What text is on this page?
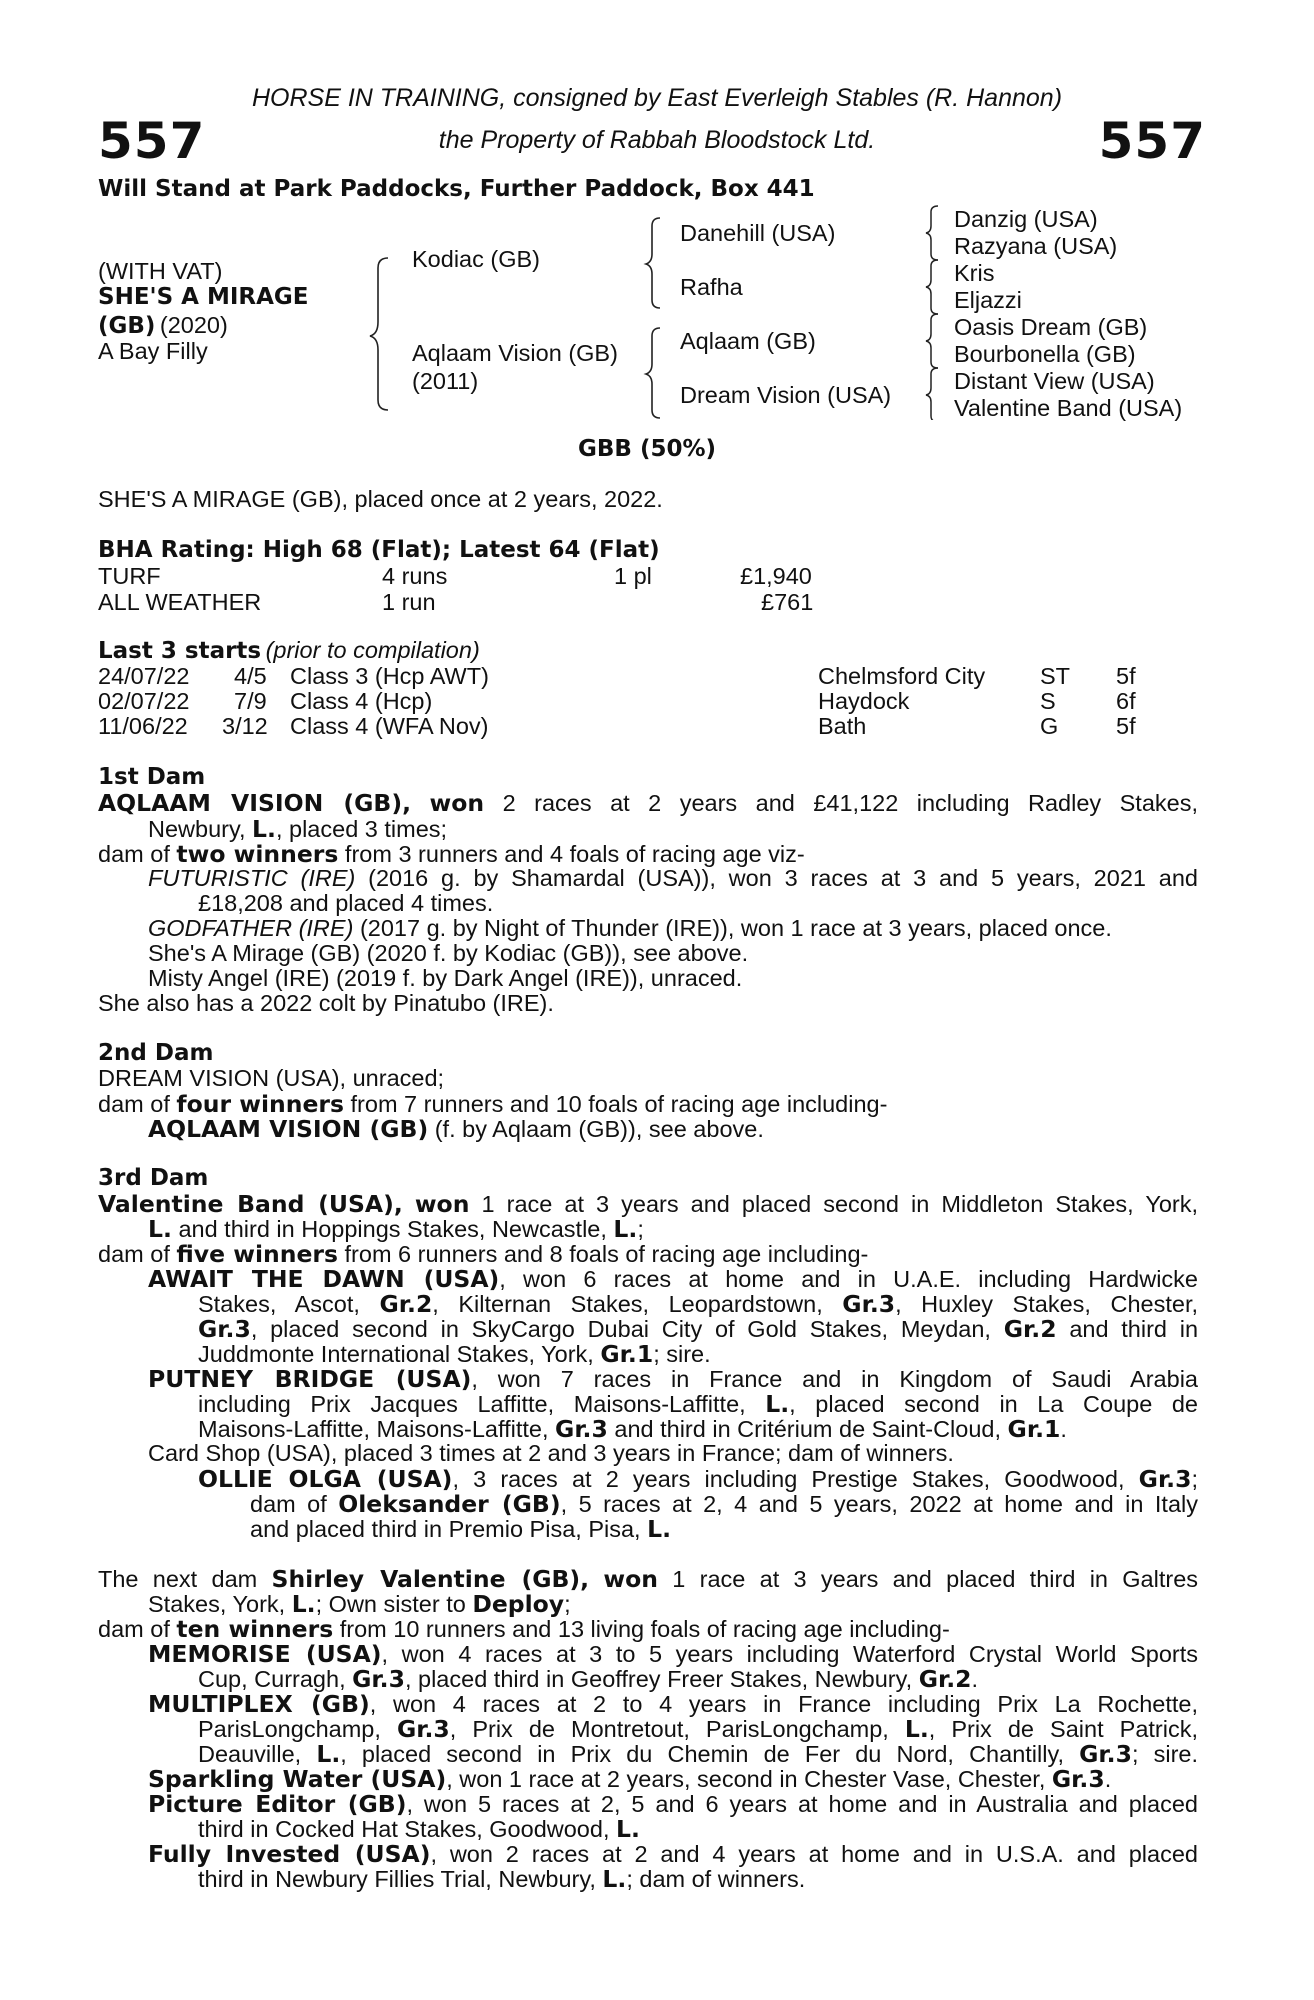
557	557
HORSE IN TRAINING, consigned by East Everleigh Stables (R. Hannon)
the Property of Rabbah Bloodstock Ltd.
Will Stand at Park Paddocks, Further Paddock, Box 441
(WITH VAT)
SHE'S A MIRAGE
(GB) (2020)
A Bay Filly
Kodiac (GB)
Aqlaam Vision (GB)
(2011)
Danehill (USA)
Rafha
Aqlaam (GB)
Dream Vision (USA)
Danzig (USA)
Razyana (USA)
Kris
Eljazzi
Oasis Dream (GB)
Bourbonella (GB)
Distant View (USA)
Valentine Band (USA)
GBB (50%)
SHE'S A MIRAGE (GB), placed once at 2 years, 2022.
BHA Rating: High 68 (Flat); Latest 64 (Flat)
TURF	4 runs	1 pl	£1,940
ALL WEATHER	1 run	£761
Last 3 starts (prior to compilation)
24/07/22 4/5 Class 3 (Hcp AWT)	Chelmsford City ST 5f
02/07/22 7/9 Class 4 (Hcp)	Haydock	S	6f
11/06/22 3/12 Class 4 (WFA Nov)	Bath	G 5f
1st Dam
AQLAAM VISION (GB), won 2 races at 2 years and £41,122 including Radley Stakes,
Newbury, L., placed 3 times;
dam of two winners from 3 runners and 4 foals of racing age viz-
FUTURISTIC (IRE) (2016 g. by Shamardal (USA)), won 3 races at 3 and 5 years, 2021 and
£18,208 and placed 4 times.
GODFATHER (IRE) (2017 g. by Night of Thunder (IRE)), won 1 race at 3 years, placed once.
She's A Mirage (GB) (2020 f. by Kodiac (GB)), see above.
Misty Angel (IRE) (2019 f. by Dark Angel (IRE)), unraced.
She also has a 2022 colt by Pinatubo (IRE).
2nd Dam
DREAM VISION (USA), unraced;
dam of four winners from 7 runners and 10 foals of racing age including-
AQLAAM VISION (GB) (f. by Aqlaam (GB)), see above.
3rd Dam
Valentine Band (USA), won 1 race at 3 years and placed second in Middleton Stakes, York,
L. and third in Hoppings Stakes, Newcastle, L.;
dam of five winners from 6 runners and 8 foals of racing age including-
AWAIT THE DAWN (USA), won 6 races at home and in U.A.E. including Hardwicke
Stakes, Ascot, Gr.2, Kilternan Stakes, Leopardstown, Gr.3, Huxley Stakes, Chester,
Gr.3, placed second in SkyCargo Dubai City of Gold Stakes, Meydan, Gr.2 and third in
Juddmonte International Stakes, York, Gr.1; sire.
PUTNEY BRIDGE (USA), won 7 races in France and in Kingdom of Saudi Arabia
including Prix Jacques Laffitte, Maisons-Laffitte, L., placed second in La Coupe de
Maisons-Laffitte, Maisons-Laffitte, Gr.3 and third in Critérium de Saint-Cloud, Gr.1.
Card Shop (USA), placed 3 times at 2 and 3 years in France; dam of winners.
OLLIE OLGA (USA), 3 races at 2 years including Prestige Stakes, Goodwood, Gr.3;
dam of Oleksander (GB), 5 races at 2, 4 and 5 years, 2022 at home and in Italy
and placed third in Premio Pisa, Pisa, L.
The next dam Shirley Valentine (GB), won 1 race at 3 years and placed third in Galtres
Stakes, York, L.; Own sister to Deploy;
dam of ten winners from 10 runners and 13 living foals of racing age including-
MEMORISE (USA), won 4 races at 3 to 5 years including Waterford Crystal World Sports
Cup, Curragh, Gr.3, placed third in Geoffrey Freer Stakes, Newbury, Gr.2.
MULTIPLEX (GB), won 4 races at 2 to 4 years in France including Prix La Rochette,
ParisLongchamp, Gr.3, Prix de Montretout, ParisLongchamp, L., Prix de Saint Patrick,
Deauville, L., placed second in Prix du Chemin de Fer du Nord, Chantilly, Gr.3; sire.
Sparkling Water (USA), won 1 race at 2 years, second in Chester Vase, Chester, Gr.3.
Picture Editor (GB), won 5 races at 2, 5 and 6 years at home and in Australia and placed
third in Cocked Hat Stakes, Goodwood, L.
Fully Invested (USA), won 2 races at 2 and 4 years at home and in U.S.A. and placed
third in Newbury Fillies Trial, Newbury, L.; dam of winners.
